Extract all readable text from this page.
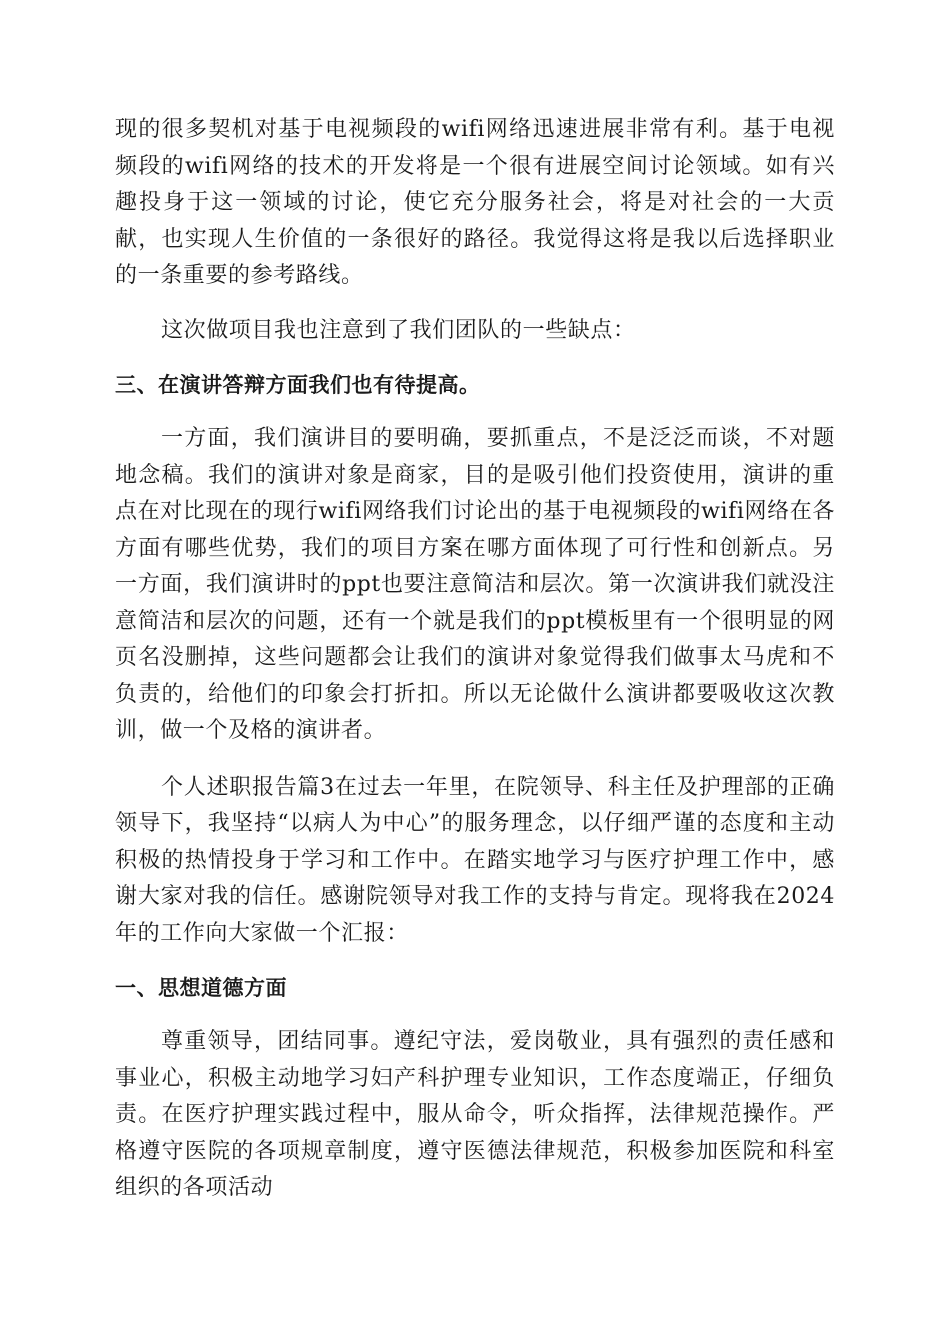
现的很多契机对基于电视频段的wifi网络迅速进展非常有利。基于电视频段的wifi网络的技术的开发将是一个很有进展空间讨论领域。如有兴趣投身于这一领域的讨论，使它充分服务社会，将是对社会的一大贡献，也实现人生价值的一条很好的路径。我觉得这将是我以后选择职业的一条重要的参考路线。

这次做项目我也注意到了我们团队的一些缺点：

三、在演讲答辩方面我们也有待提高。

一方面，我们演讲目的要明确，要抓重点，不是泛泛而谈，不对题地念稿。我们的演讲对象是商家，目的是吸引他们投资使用，演讲的重点在对比现在的现行wifi网络我们讨论出的基于电视频段的wifi网络在各方面有哪些优势，我们的项目方案在哪方面体现了可行性和创新点。另一方面，我们演讲时的ppt也要注意简洁和层次。第一次演讲我们就没注意简洁和层次的问题，还有一个就是我们的ppt模板里有一个很明显的网页名没删掉，这些问题都会让我们的演讲对象觉得我们做事太马虎和不负责的，给他们的印象会打折扣。所以无论做什么演讲都要吸收这次教训，做一个及格的演讲者。

个人述职报告篇3在过去一年里，在院领导、科主任及护理部的正确领导下，我坚持“以病人为中心”的服务理念，以仔细严谨的态度和主动积极的热情投身于学习和工作中。在踏实地学习与医疗护理工作中，感谢大家对我的信任。感谢院领导对我工作的支持与肯定。现将我在2024年的工作向大家做一个汇报：

一、思想道德方面

尊重领导，团结同事。遵纪守法，爱岗敬业，具有强烈的责任感和事业心，积极主动地学习妇产科护理专业知识，工作态度端正，仔细负责。在医疗护理实践过程中，服从命令，听众指挥，法律规范操作。严格遵守医院的各项规章制度，遵守医德法律规范，积极参加医院和科室组织的各项活动
